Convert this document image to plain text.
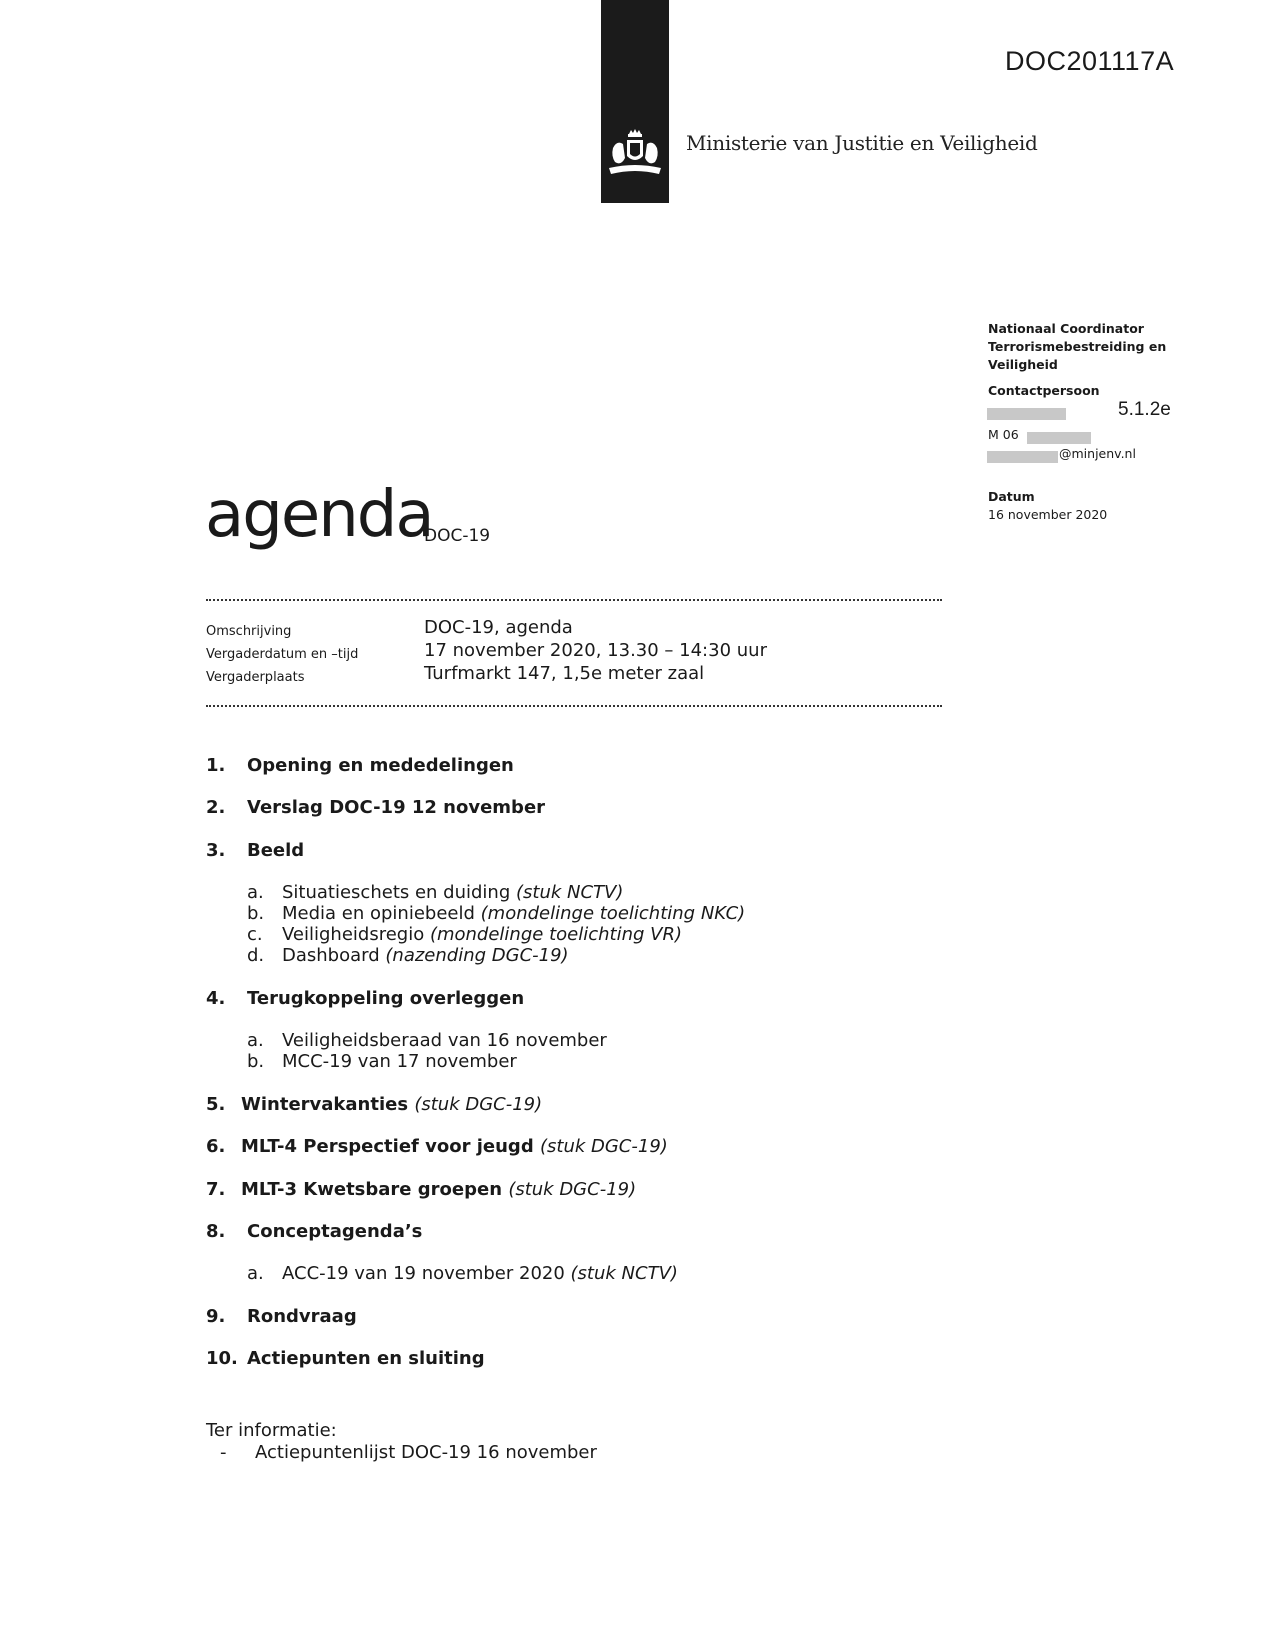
DOC201117A
Ministerie van Justitie en Veiligheid
Nationaal Coordinator
Terrorismebestreiding en
Veiligheid
Contactpersoon
5.1.2e
M 06
@minjenv.nl
Datum
16 november 2020
agenda
DOC-19
Omschrijving	DOC-19, agenda
Vergaderdatum en –tijd	17 november 2020, 13.30 – 14:30 uur
Vergaderplaats	Turfmarkt 147, 1,5e meter zaal
1. Opening en mededelingen
2. Verslag DOC-19 12 november
3. Beeld
a. Situatieschets en duiding (stuk NCTV)
b. Media en opiniebeeld (mondelinge toelichting NKC)
c. Veiligheidsregio (mondelinge toelichting VR)
d. Dashboard (nazending DGC-19)
4. Terugkoppeling overleggen
a. Veiligheidsberaad van 16 november
b. MCC-19 van 17 november
5. Wintervakanties (stuk DGC-19)
6. MLT-4 Perspectief voor jeugd (stuk DGC-19)
7. MLT-3 Kwetsbare groepen (stuk DGC-19)
8. Conceptagenda’s
a. ACC-19 van 19 november 2020 (stuk NCTV)
9. Rondvraag
10. Actiepunten en sluiting
Ter informatie:
- Actiepuntenlijst DOC-19 16 november
